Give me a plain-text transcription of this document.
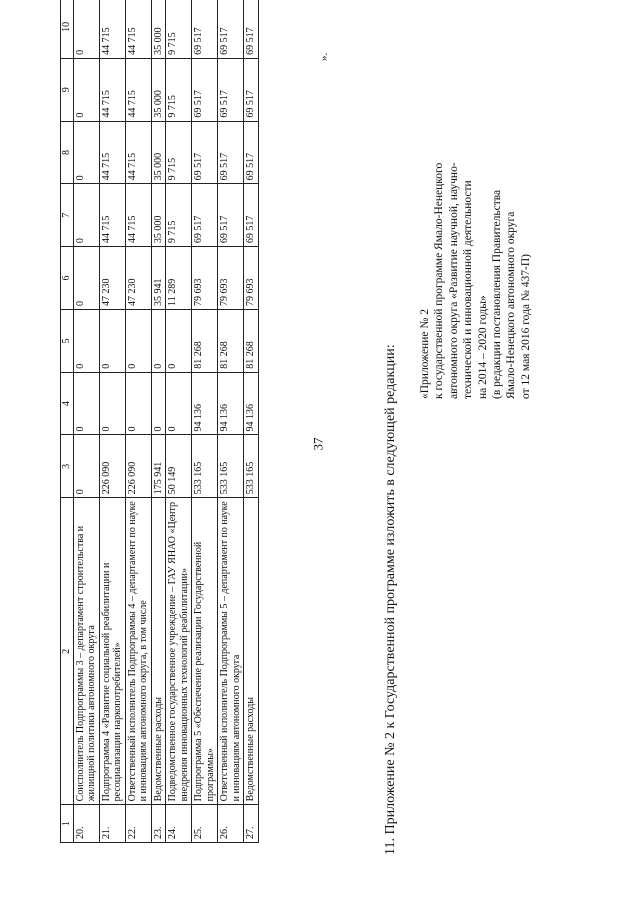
37
1	2	3	4	5	6	7	8	9	10
20.	Соисполнитель Подпрограммы 3 – департамент строительства и жилищной политики автономного округа	0	0	0	0	0	0	0	0
21.	Подпрограмма 4 «Развитие социальной реабилитации и ресоциализации наркопотребителей»	226 090	0	0	47 230	44 715	44 715	44 715	44 715
22.	Ответственный исполнитель Подпрограммы 4 – департамент по науке и инновациям автономного округа, в том числе	226 090	0	0	47 230	44 715	44 715	44 715	44 715
23.	Ведомственные расходы	175 941	0	0	35 941	35 000	35 000	35 000	35 000
24.	Подведомственное государственное учреждение – ГАУ ЯНАО «Центр внедрения инновационных технологий реабилитации»	50 149	0	0	11 289	9 715	9 715	9 715	9 715
25.	Подпрограмма 5 «Обеспечение реализации Государственной программы»	533 165	94 136	81 268	79 693	69 517	69 517	69 517	69 517
26.	Ответственный исполнитель Подпрограммы 5 – департамент по науке и инновациям автономного округа	533 165	94 136	81 268	79 693	69 517	69 517	69 517	69 517
27.	Ведомственные расходы	533 165	94 136	81 268	79 693	69 517	69 517	69 517	69 517
».
11. Приложение № 2 к Государственной программе изложить в следующей редакции: «Приложение № 2 к государственной программе Ямало-Ненецкого автономного округа «Развитие научной, научно- технической и инновационной деятельности на 2014 – 2020 годы» (в редакции постановления Правительства Ямало-Ненецкого автономного округа от 12 мая 2016 года № 437-П)
